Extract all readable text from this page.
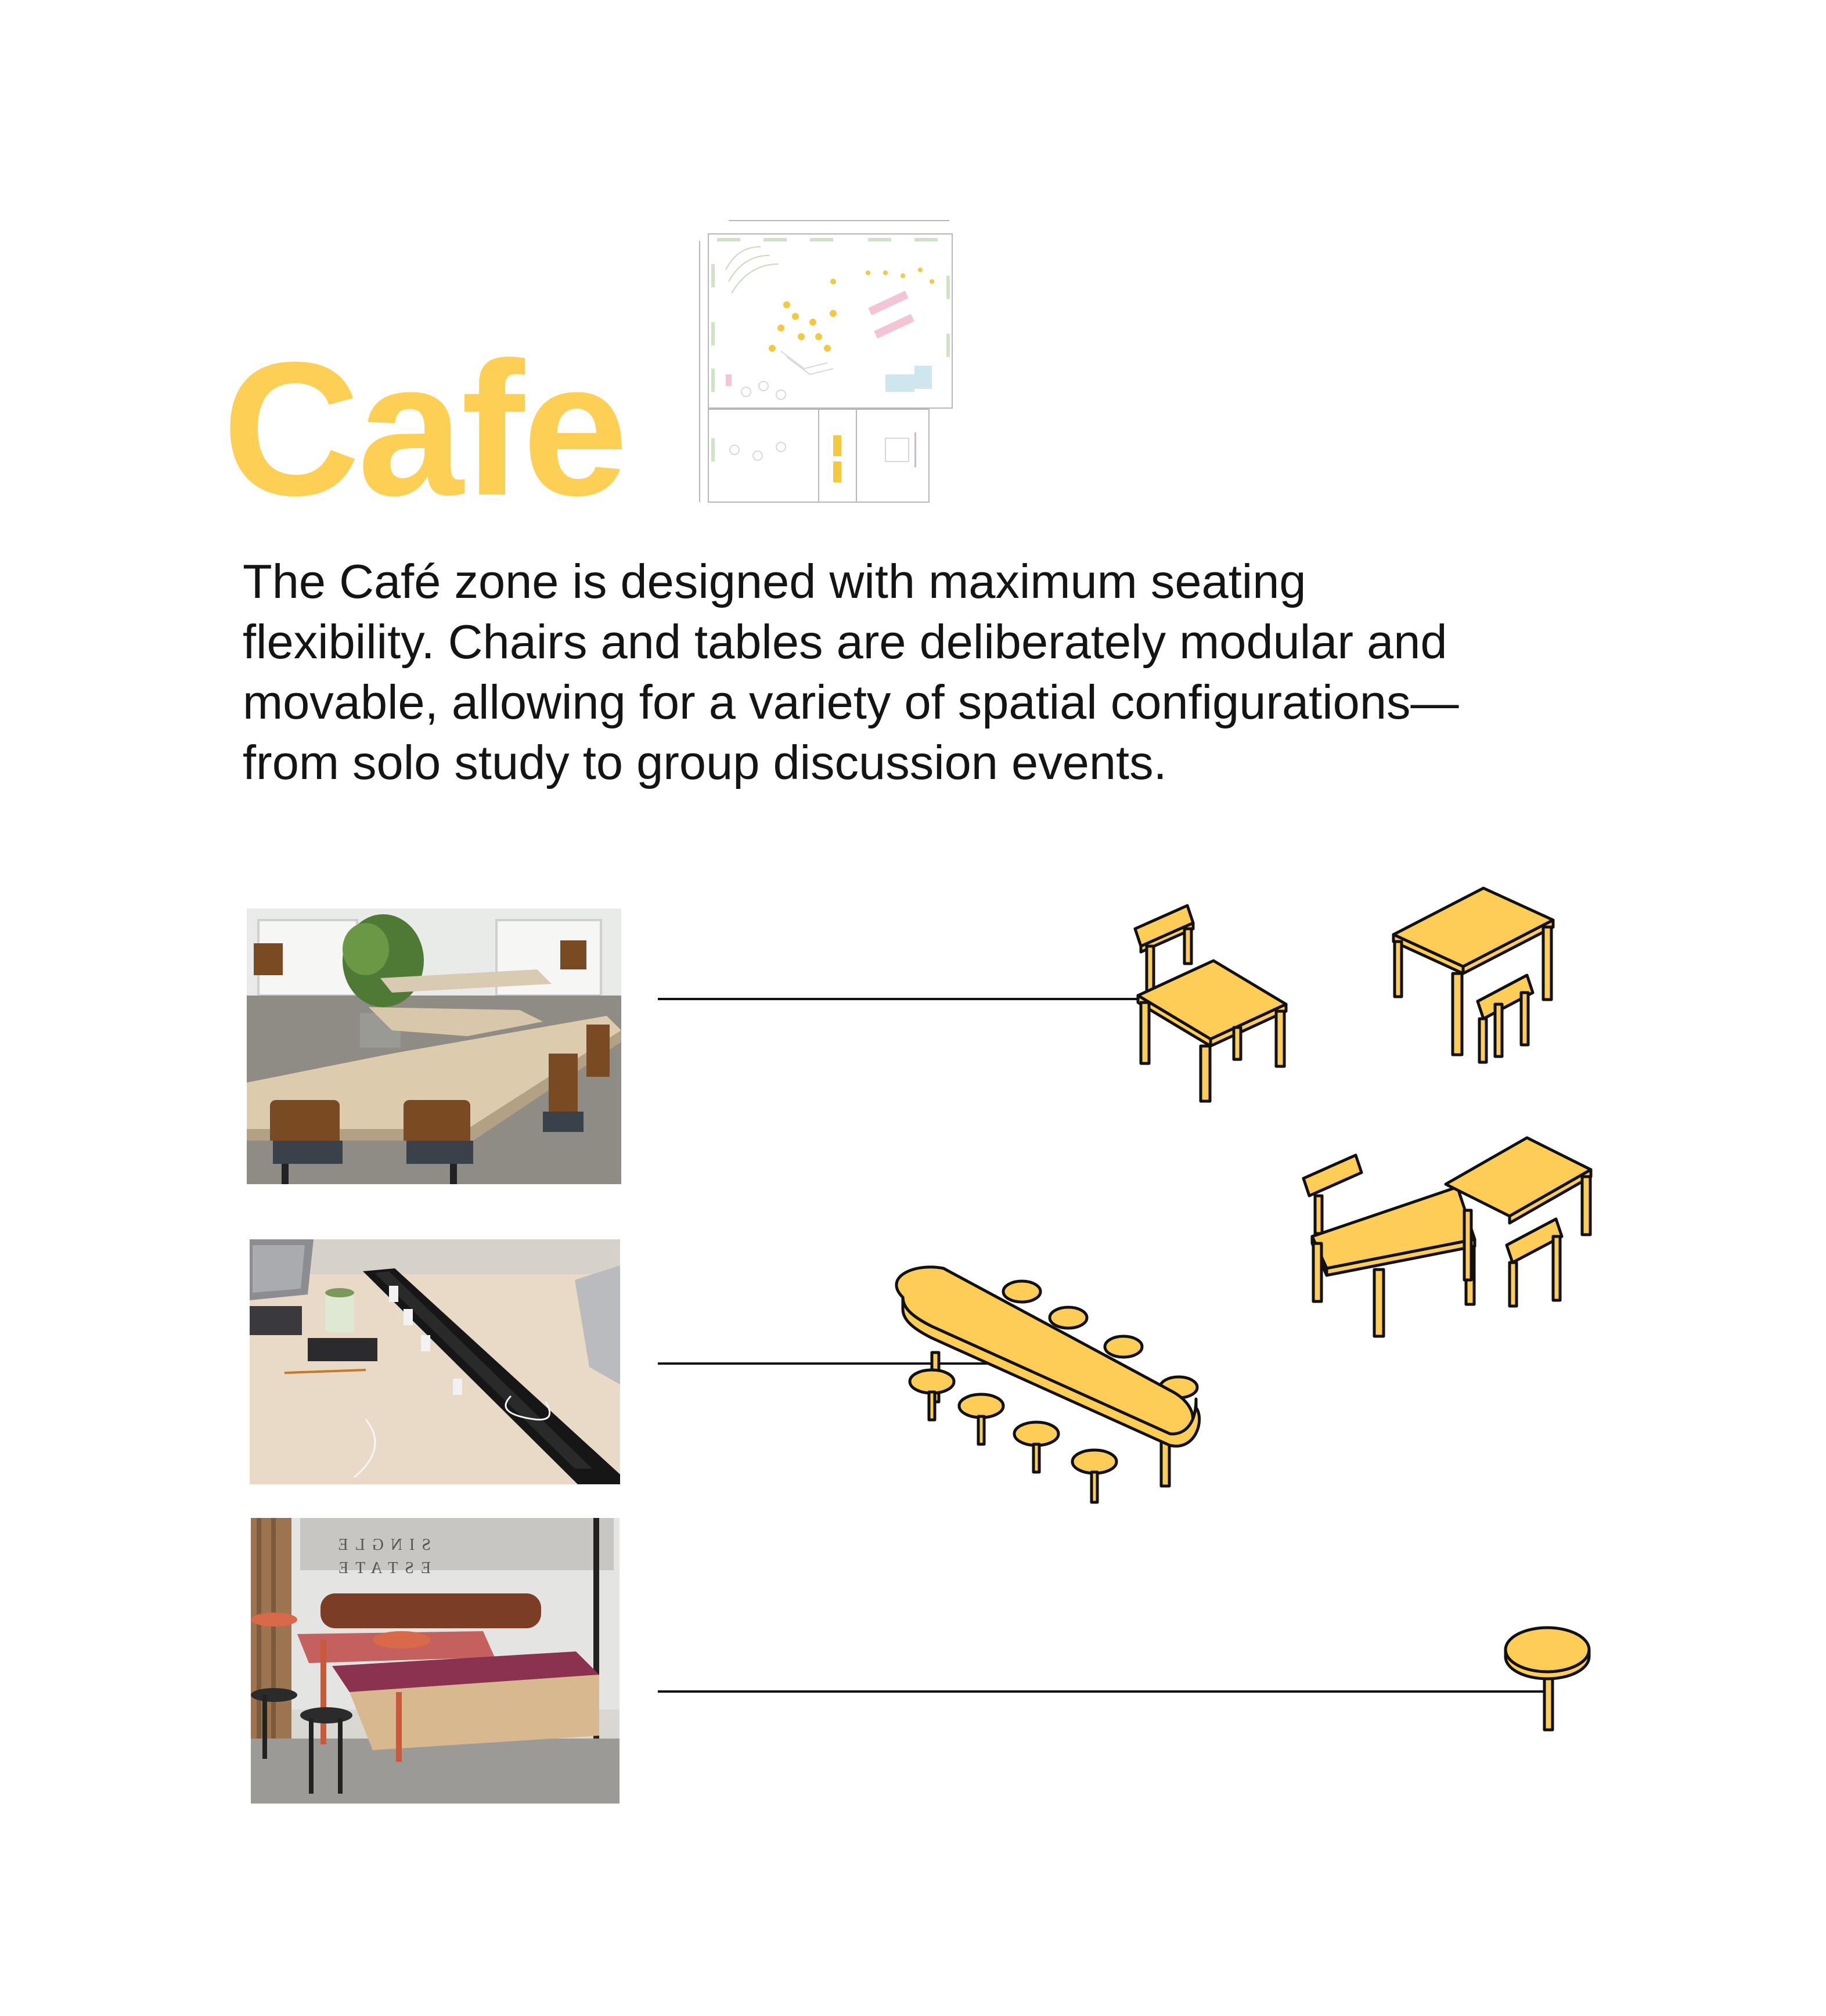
Cafe

The Café zone is designed with maximum seating flexibility. Chairs and tables are deliberately modular and movable, allowing for a variety of spatial configurations—from solo study to group discussion events.

SINGLE
ESTATE
